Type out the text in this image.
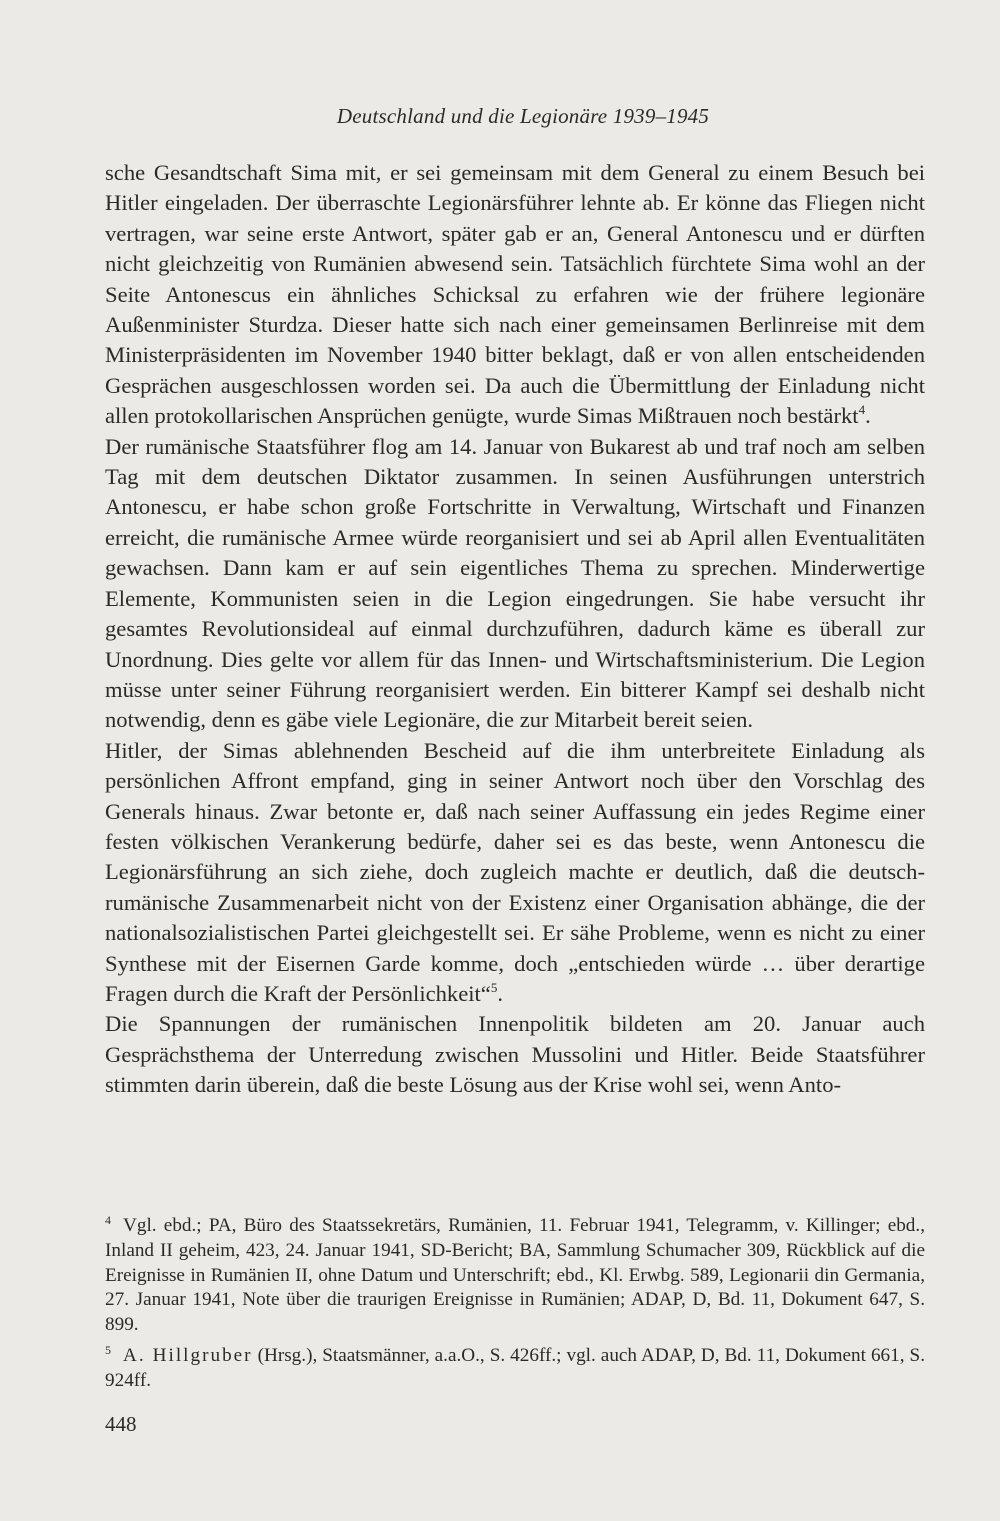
Deutschland und die Legionäre 1939–1945

sche Gesandtschaft Sima mit, er sei gemeinsam mit dem General zu einem Besuch bei Hitler eingeladen. Der überraschte Legionärsführer lehnte ab. Er könne das Fliegen nicht vertragen, war seine erste Antwort, später gab er an, General Antonescu und er dürften nicht gleichzeitig von Rumänien abwesend sein. Tatsächlich fürchtete Sima wohl an der Seite Antonescus ein ähnliches Schicksal zu erfahren wie der frühere legionäre Außenminister Sturdza. Dieser hatte sich nach einer gemeinsamen Berlinreise mit dem Ministerpräsidenten im November 1940 bitter beklagt, daß er von allen entscheidenden Gesprächen ausgeschlossen worden sei. Da auch die Übermittlung der Einladung nicht allen protokollarischen Ansprüchen genügte, wurde Simas Mißtrauen noch bestärkt$^4$.

Der rumänische Staatsführer flog am 14. Januar von Bukarest ab und traf noch am selben Tag mit dem deutschen Diktator zusammen. In seinen Ausführungen unterstrich Antonescu, er habe schon große Fortschritte in Verwaltung, Wirtschaft und Finanzen erreicht, die rumänische Armee würde reorganisiert und sei ab April allen Eventualitäten gewachsen. Dann kam er auf sein eigentliches Thema zu sprechen. Minderwertige Elemente, Kommunisten seien in die Legion eingedrungen. Sie habe versucht ihr gesamtes Revolutionsideal auf einmal durchzuführen, dadurch käme es überall zur Unordnung. Dies gelte vor allem für das Innen- und Wirtschaftsministerium. Die Legion müsse unter seiner Führung reorganisiert werden. Ein bitterer Kampf sei deshalb nicht notwendig, denn es gäbe viele Legionäre, die zur Mitarbeit bereit seien.

Hitler, der Simas ablehnenden Bescheid auf die ihm unterbreitete Einladung als persönlichen Affront empfand, ging in seiner Antwort noch über den Vorschlag des Generals hinaus. Zwar betonte er, daß nach seiner Auffassung ein jedes Regime einer festen völkischen Verankerung bedürfe, daher sei es das beste, wenn Antonescu die Legionärsführung an sich ziehe, doch zugleich machte er deutlich, daß die deutsch-rumänische Zusammenarbeit nicht von der Existenz einer Organisation abhänge, die der nationalsozialistischen Partei gleichgestellt sei. Er sähe Probleme, wenn es nicht zu einer Synthese mit der Eisernen Garde komme, doch „entschieden würde … über derartige Fragen durch die Kraft der Persönlichkeit“$^5$.

Die Spannungen der rumänischen Innenpolitik bildeten am 20. Januar auch Gesprächsthema der Unterredung zwischen Mussolini und Hitler. Beide Staatsführer stimmten darin überein, daß die beste Lösung aus der Krise wohl sei, wenn Anto-

$^4$ Vgl. ebd.; PA, Büro des Staatssekretärs, Rumänien, 11. Februar 1941, Telegramm, v. Killinger; ebd., Inland II geheim, 423, 24. Januar 1941, SD-Bericht; BA, Sammlung Schumacher 309, Rückblick auf die Ereignisse in Rumänien II, ohne Datum und Unterschrift; ebd., Kl. Erwbg. 589, Legionarii din Germania, 27. Januar 1941, Note über die traurigen Ereignisse in Rumänien; ADAP, D, Bd. 11, Dokument 647, S. 899.

$^5$ A. Hillgruber (Hrsg.), Staatsmänner, a.a.O., S. 426ff.; vgl. auch ADAP, D, Bd. 11, Dokument 661, S. 924ff.

448
